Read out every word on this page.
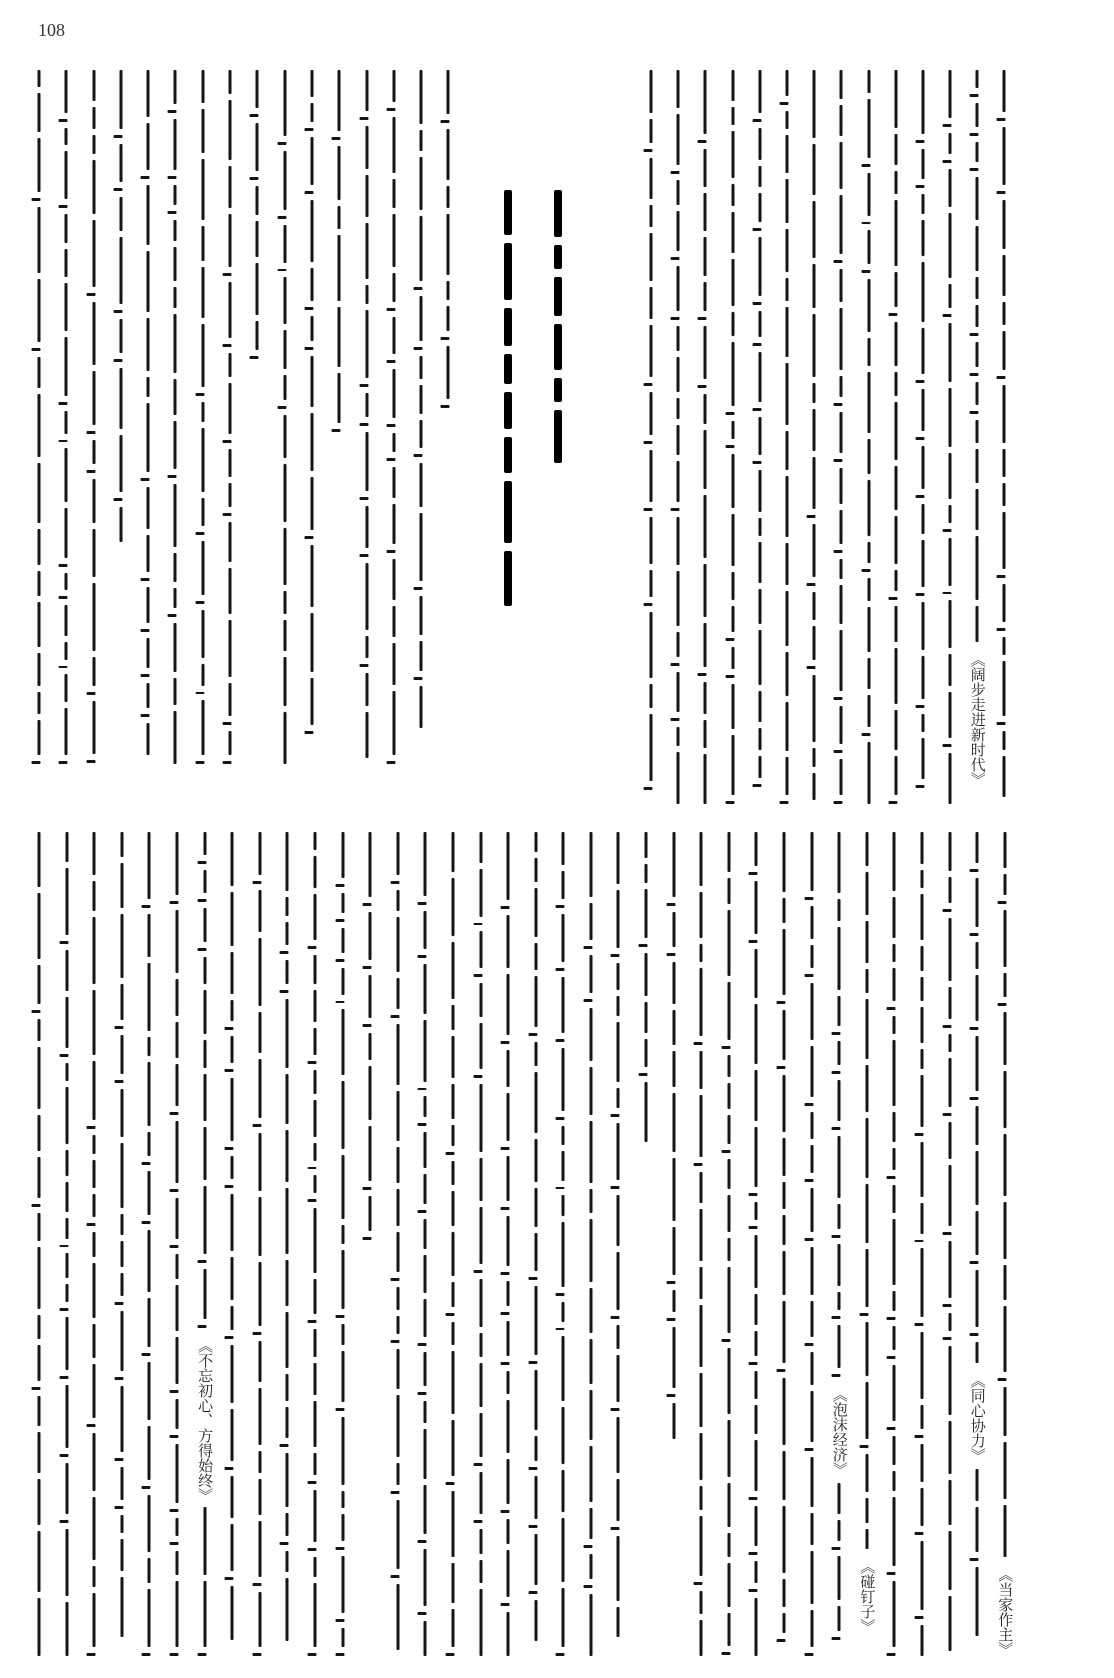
108
《阔步走进新时代》
《不忘初心、方得始终》	《泡沫经济》
《碰钉子》
《同心协力》
《当家作主》
